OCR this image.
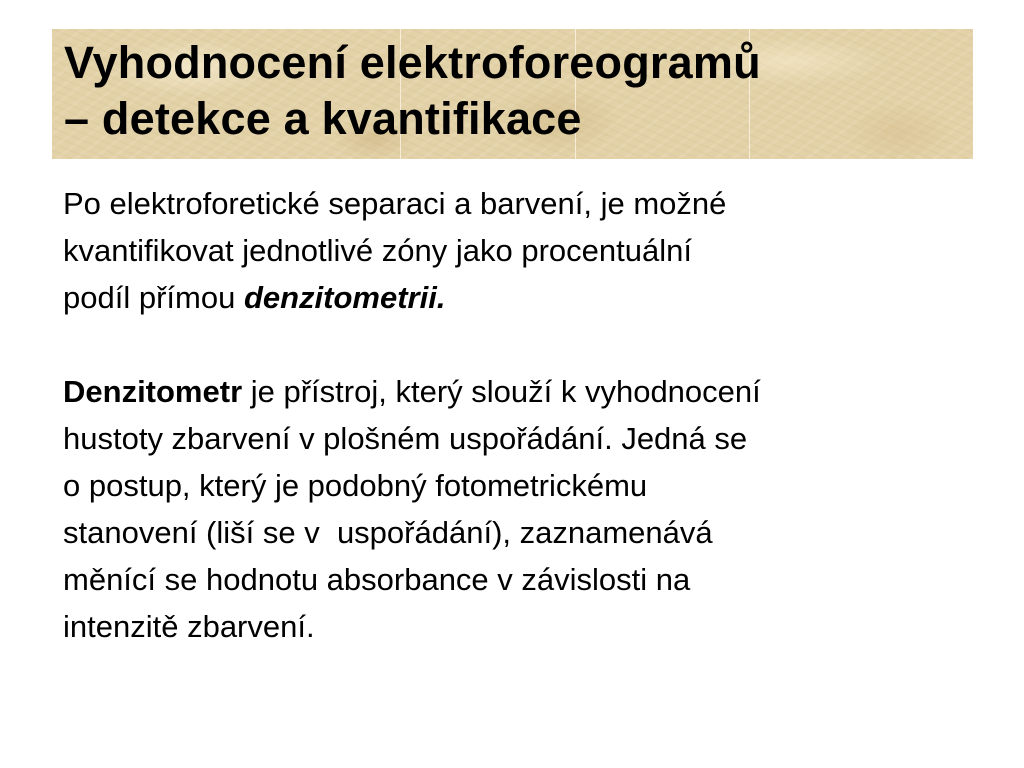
Vyhodnocení elektroforeogramů
– detekce a kvantifikace

Po elektroforetické separaci a barvení, je možné
kvantifikovat jednotlivé zóny jako procentuální
podíl přímou denzitometrii.

Denzitometr je přístroj, který slouží k vyhodnocení
hustoty zbarvení v plošném uspořádání. Jedná se
o postup, který je podobný fotometrickému
stanovení (liší se v  uspořádání), zaznamenává
měnící se hodnotu absorbance v závislosti na
intenzitě zbarvení.
